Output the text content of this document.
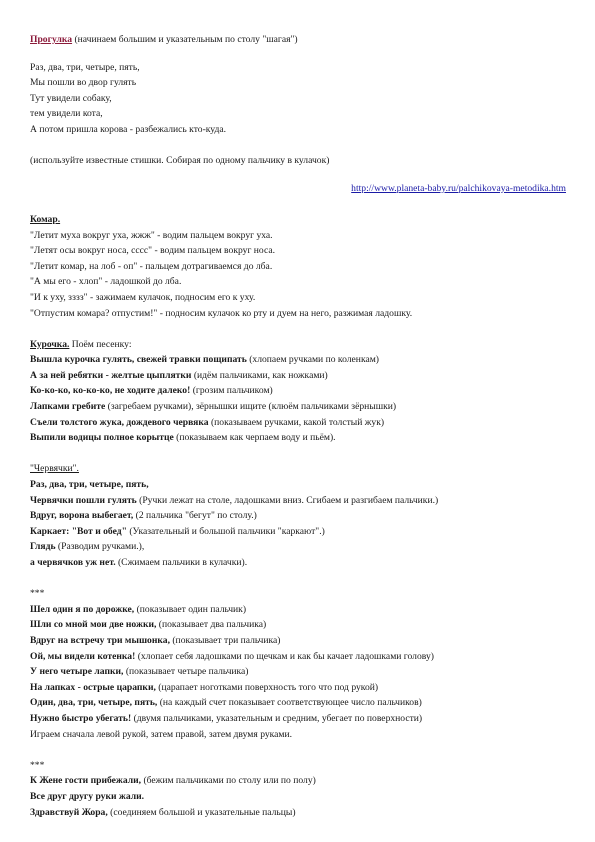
Прогулка (начинаем большим и указательным по столу "шагая")
Раз, два, три, четыре, пять,
Мы пошли во двор гулять
Тут увидели собаку,
тем увидели кота,
А потом пришла корова - разбежались кто-куда.
(используйте известные стишки. Собирая по одному пальчику в кулачок)
http://www.planeta-baby.ru/palchikovaya-metodika.htm
Комар.
"Летит муха вокруг уха, жжж" - водим пальцем вокруг уха.
"Летят осы вокруг носа, сссс" - водим пальцем вокруг носа.
"Летит комар, на лоб - оп" - пальцем дотрагиваемся до лба.
"А мы его - хлоп" - ладошкой до лба.
"И к уху, зззз" - зажимаем кулачок, подносим его к уху.
"Отпустим комара? отпустим!" - подносим кулачок ко рту и дуем на него, разжимая ладошку.
Курочка. Поём песенку:
Вышла курочка гулять, свежей травки пощипать (хлопаем ручками по коленкам)
А за ней ребятки - желтые цыплятки (идём пальчиками, как ножками)
Ко-ко-ко, ко-ко-ко, не ходите далеко! (грозим пальчиком)
Лапками гребите (загребаем ручками), зёрнышки ищите (клюём пальчиками зёрнышки)
Съели толстого жука, дождевого червяка (показываем ручками, какой толстый жук)
Выпили водицы полное корытце (показываем как черпаем воду и пьём).
"Червячки".
Раз, два, три, четыре, пять,
Червячки пошли гулять (Ручки лежат на столе, ладошками вниз. Сгибаем и разгибаем пальчики.)
Вдруг, ворона выбегает, (2 пальчика "бегут" по столу.)
Каркает: "Вот и обед" (Указательный и большой пальчики "каркают".)
Глядь (Разводим ручками.),
а червячков уж нет. (Сжимаем пальчики в кулачки).
***
Шел один я по дорожке, (показывает один пальчик)
Шли со мной мои две ножки, (показывает два пальчика)
Вдруг на встречу три мышонка, (показывает три пальчика)
Ой, мы видели котенка! (хлопает себя ладошками по щечкам и как бы качает ладошками голову)
У него четыре лапки, (показывает четыре пальчика)
На лапках - острые царапки, (царапает ноготками поверхность того что под рукой)
Один, два, три, четыре, пять, (на каждый счет показывает соответствующее число пальчиков)
Нужно быстро убегать! (двумя пальчиками, указательным и средним, убегает по поверхности)
Играем сначала левой рукой, затем правой, затем двумя руками.
***
К Жене гости прибежали, (бежим пальчиками по столу или по полу)
Все друг другу руки жали.
Здравствуй Жора, (соединяем большой и указательные пальцы)
